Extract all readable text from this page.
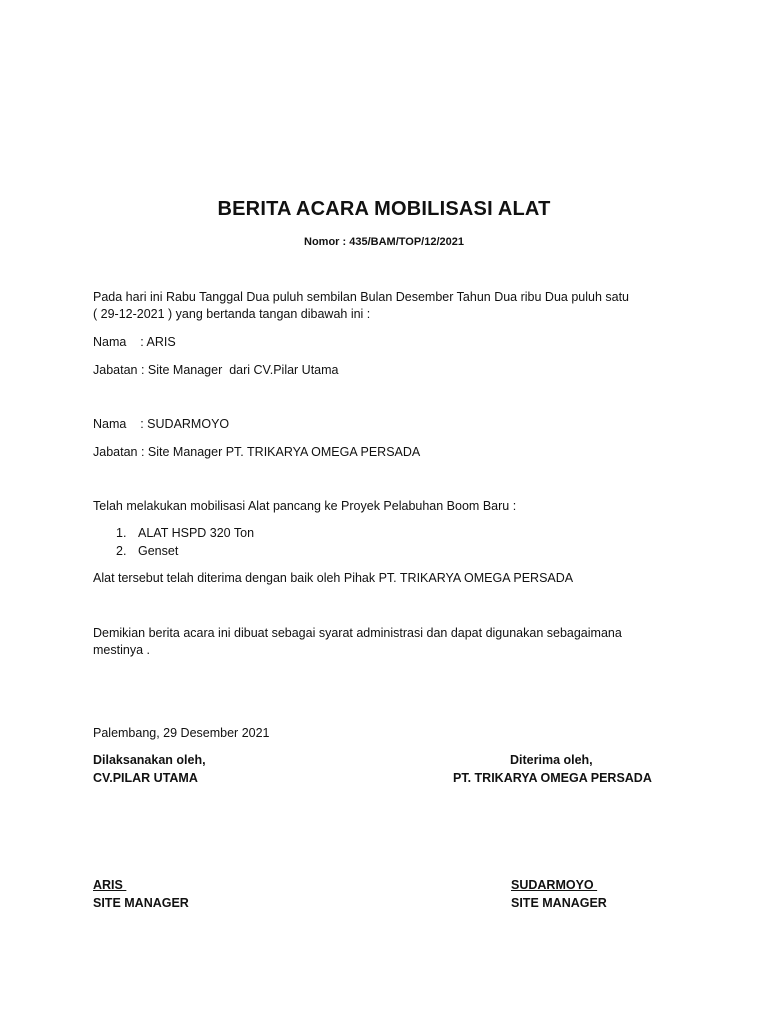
BERITA ACARA MOBILISASI ALAT
Nomor : 435/BAM/TOP/12/2021
Pada hari ini Rabu Tanggal Dua puluh sembilan Bulan Desember Tahun Dua ribu Dua puluh satu
( 29-12-2021 ) yang bertanda tangan dibawah ini :
Nama    : ARIS
Jabatan : Site Manager  dari CV.Pilar Utama
Nama    : SUDARMOYO
Jabatan : Site Manager PT. TRIKARYA OMEGA PERSADA
Telah melakukan mobilisasi Alat pancang ke Proyek Pelabuhan Boom Baru :
1. ALAT HSPD 320 Ton
2. Genset
Alat tersebut telah diterima dengan baik oleh Pihak PT. TRIKARYA OMEGA PERSADA
Demikian berita acara ini dibuat sebagai syarat administrasi dan dapat digunakan sebagaimana
mestinya .
Palembang, 29 Desember 2021
Dilaksanakan oleh,
CV.PILAR UTAMA
Diterima oleh,
PT. TRIKARYA OMEGA PERSADA
ARIS
SITE MANAGER
SUDARMOYO
SITE MANAGER
